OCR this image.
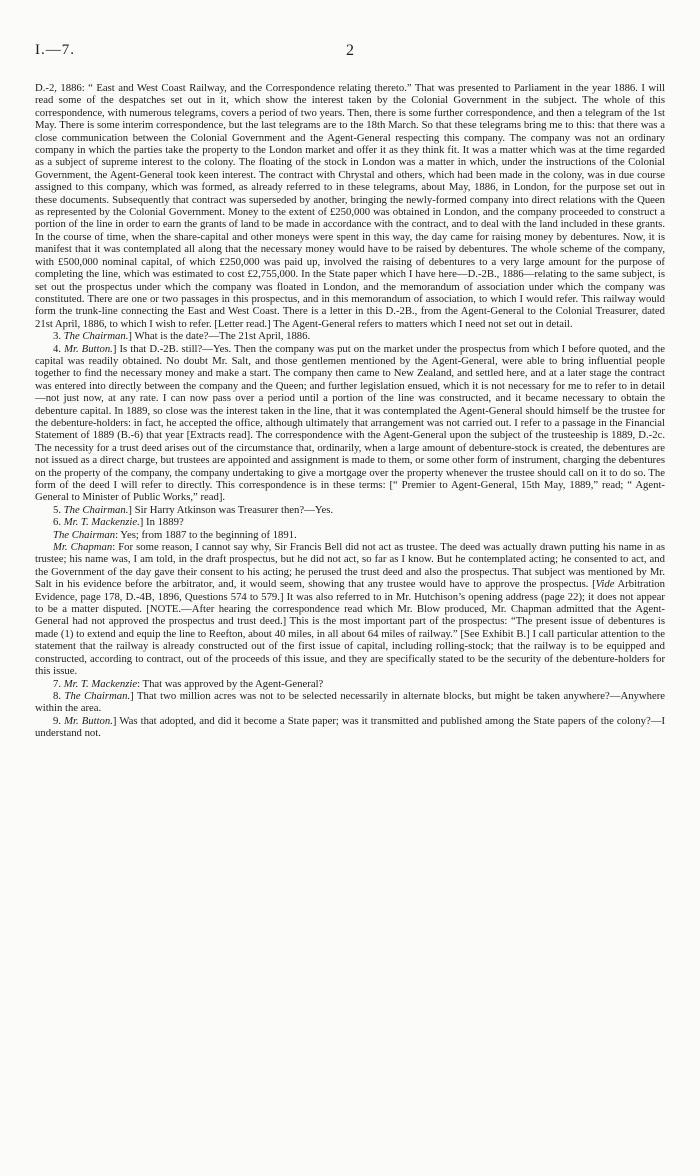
I.—7.	2

D.-2, 1886: “ East and West Coast Railway, and the Correspondence relating thereto.” That was presented to Parliament in the year 1886. I will read some of the despatches set out in it, which show the interest taken by the Colonial Government in the subject. The whole of this correspondence, with numerous telegrams, covers a period of two years. Then, there is some further correspondence, and then a telegram of the 1st May. There is some interim correspondence, but the last telegrams are to the 18th March. So that these telegrams bring me to this: that there was a close communication between the Colonial Government and the Agent-General respecting this company. The company was not an ordinary company in which the parties take the property to the London market and offer it as they think fit. It was a matter which was at the time regarded as a subject of supreme interest to the colony. The floating of the stock in London was a matter in which, under the instructions of the Colonial Government, the Agent-General took keen interest. The contract with Chrystal and others, which had been made in the colony, was in due course assigned to this company, which was formed, as already referred to in these telegrams, about May, 1886, in London, for the purpose set out in these documents. Subsequently that contract was superseded by another, bringing the newly-formed company into direct relations with the Queen as represented by the Colonial Government. Money to the extent of £250,000 was obtained in London, and the company proceeded to construct a portion of the line in order to earn the grants of land to be made in accordance with the contract, and to deal with the land included in these grants. In the course of time, when the share-capital and other moneys were spent in this way, the day came for raising money by debentures. Now, it is manifest that it was contemplated all along that the necessary money would have to be raised by debentures. The whole scheme of the company, with £500,000 nominal capital, of which £250,000 was paid up, involved the raising of debentures to a very large amount for the purpose of completing the line, which was estimated to cost £2,755,000. In the State paper which I have here—D.-2B., 1886—relating to the same subject, is set out the prospectus under which the company was floated in London, and the memorandum of association under which the company was constituted. There are one or two passages in this prospectus, and in this memorandum of association, to which I would refer. This railway would form the trunk-line connecting the East and West Coast. There is a letter in this D.-2B., from the Agent-General to the Colonial Treasurer, dated 21st April, 1886, to which I wish to refer. [Letter read.] The Agent-General refers to matters which I need not set out in detail.

3. The Chairman.] What is the date?—The 21st April, 1886.

4. Mr. Button.] Is that D.-2B. still?—Yes. Then the company was put on the market under the prospectus from which I before quoted, and the capital was readily obtained. No doubt Mr. Salt, and those gentlemen mentioned by the Agent-General, were able to bring influential people together to find the necessary money and make a start. The company then came to New Zealand, and settled here, and at a later stage the contract was entered into directly between the company and the Queen; and further legislation ensued, which it is not necessary for me to refer to in detail—not just now, at any rate. I can now pass over a period until a portion of the line was constructed, and it became necessary to obtain the debenture capital. In 1889, so close was the interest taken in the line, that it was contemplated the Agent-General should himself be the trustee for the debenture-holders: in fact, he accepted the office, although ultimately that arrangement was not carried out. I refer to a passage in the Financial Statement of 1889 (B.-6) that year [Extracts read]. The correspondence with the Agent-General upon the subject of the trusteeship is 1889, D.-2c. The necessity for a trust deed arises out of the circumstance that, ordinarily, when a large amount of debenture-stock is created, the debentures are not issued as a direct charge, but trustees are appointed and assignment is made to them, or some other form of instrument, charging the debentures on the property of the company, the company undertaking to give a mortgage over the property whenever the trustee should call on it to do so. The form of the deed I will refer to directly. This correspondence is in these terms: [“ Premier to Agent-General, 15th May, 1889,” read; “ Agent-General to Minister of Public Works,” read].

5. The Chairman.] Sir Harry Atkinson was Treasurer then?—Yes.

6. Mr. T. Mackenzie.] In 1889?

The Chairman: Yes; from 1887 to the beginning of 1891.

Mr. Chapman: For some reason, I cannot say why, Sir Francis Bell did not act as trustee. The deed was actually drawn putting his name in as trustee; his name was, I am told, in the draft prospectus, but he did not act, so far as I know. But he contemplated acting; he consented to act, and the Government of the day gave their consent to his acting; he perused the trust deed and also the prospectus. That subject was mentioned by Mr. Salt in his evidence before the arbitrator, and, it would seem, showing that any trustee would have to approve the prospectus. [Vide Arbitration Evidence, page 178, D.-4B, 1896, Questions 574 to 579.] It was also referred to in Mr. Hutchison’s opening address (page 22); it does not appear to be a matter disputed. [NOTE.—After hearing the correspondence read which Mr. Blow produced, Mr. Chapman admitted that the Agent-General had not approved the prospectus and trust deed.] This is the most important part of the prospectus: “The present issue of debentures is made (1) to extend and equip the line to Reefton, about 40 miles, in all about 64 miles of railway.” [See Exhibit B.] I call particular attention to the statement that the railway is already constructed out of the first issue of capital, including rolling-stock; that the railway is to be equipped and constructed, according to contract, out of the proceeds of this issue, and they are specifically stated to be the security of the debenture-holders for this issue.

7. Mr. T. Mackenzie: That was approved by the Agent-General?

8. The Chairman.] That two million acres was not to be selected necessarily in alternate blocks, but might be taken anywhere?—Anywhere within the area.

9. Mr. Button.] Was that adopted, and did it become a State paper; was it transmitted and published among the State papers of the colony?—I understand not.
